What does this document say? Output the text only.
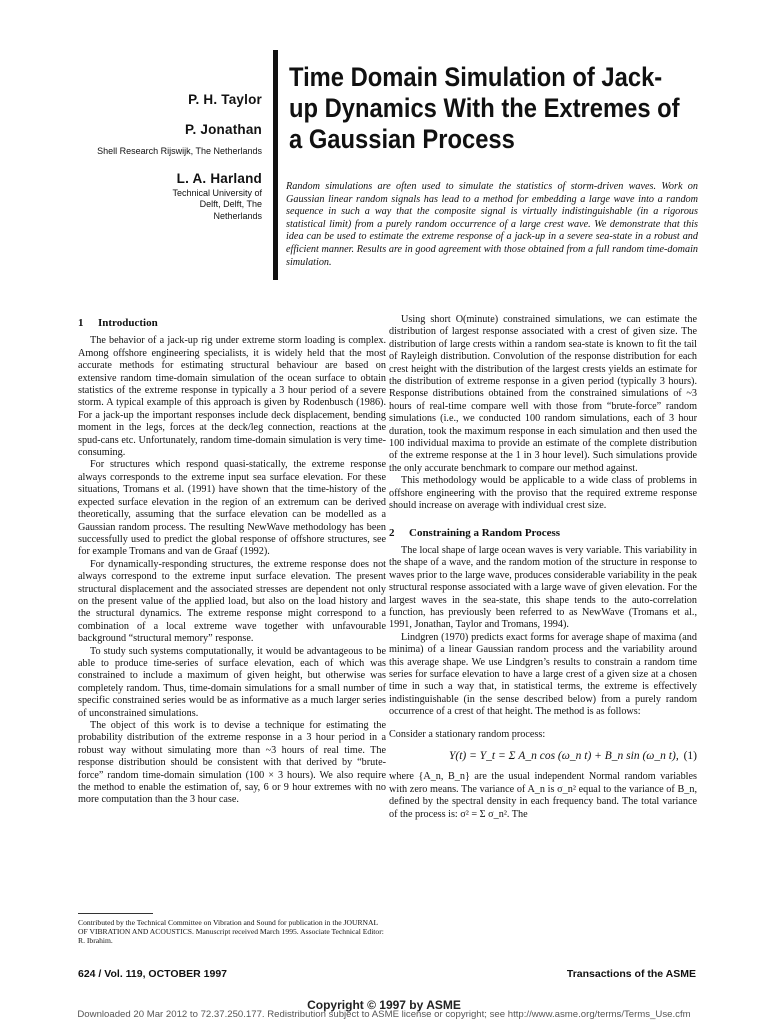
P. H. Taylor
P. Jonathan
Shell Research Rijswijk, The Netherlands
L. A. Harland
Technical University of Delft, Delft, The Netherlands
Time Domain Simulation of Jack-up Dynamics With the Extremes of a Gaussian Process
Random simulations are often used to simulate the statistics of storm-driven waves. Work on Gaussian linear random signals has lead to a method for embedding a large wave into a random sequence in such a way that the composite signal is virtually indistinguishable (in a rigorous statistical limit) from a purely random occurrence of a large crest wave. We demonstrate that this idea can be used to estimate the extreme response of a jack-up in a severe sea-state in a robust and efficient manner. Results are in good agreement with those obtained from a full random time-domain simulation.
1 Introduction

The behavior of a jack-up rig under extreme storm loading is complex. Among offshore engineering specialists, it is widely held that the most accurate methods for estimating structural behaviour are based on extensive random time-domain simulation of the ocean surface to obtain statistics of the extreme response in typically a 3 hour period of a severe storm. A typical example of this approach is given by Rodenbusch (1986). For a jack-up the important responses include deck displacement, bending moment in the legs, forces at the deck/leg connection, reactions at the spud-cans etc. Unfortunately, random time-domain simulation is very time-consuming.

For structures which respond quasi-statically, the extreme response always corresponds to the extreme input sea surface elevation. For these situations, Tromans et al. (1991) have shown that the time-history of the expected surface elevation in the region of an extremum can be derived theoretically, assuming that the surface elevation can be modelled as a Gaussian random process. The resulting NewWave methodology has been successfully used to predict the global response of offshore structures, see for example Tromans and van de Graaf (1992).

For dynamically-responding structures, the extreme response does not always correspond to the extreme input surface elevation. The present structural displacement and the associated stresses are dependent not only on the present value of the applied load, but also on the load history and the structural dynamics. The extreme response might correspond to a combination of a local extreme wave together with unfavourable background “structural memory” response.

To study such systems computationally, it would be advantageous to be able to produce time-series of surface elevation, each of which was constrained to include a maximum of given height, but otherwise was completely random. Thus, time-domain simulations for a small number of specific constrained series would be as informative as a much larger series of unconstrained simulations.

The object of this work is to devise a technique for estimating the probability distribution of the extreme response in a 3 hour period in a robust way without simulating more than ~3 hours of real time. The response distribution should be consistent with that derived by “brute-force” random time-domain simulation (100 × 3 hours). We also require the method to enable the estimation of, say, 6 or 9 hour extremes with no more computation than the 3 hour case.

Using short O(minute) constrained simulations, we can estimate the distribution of largest response associated with a crest of given size. The distribution of large crests within a random sea-state is known to fit the tail of Rayleigh distribution. Convolution of the response distribution for each crest height with the distribution of the largest crests yields an estimate for the distribution of extreme response in a given period (typically 3 hours). Response distributions obtained from the constrained simulations of ~3 hours of real-time compare well with those from “brute-force” random simulations (i.e., we conducted 100 random simulations, each of 3 hour duration, took the maximum response in each simulation and then used the 100 individual maxima to provide an estimate of the complete distribution of the extreme response at the 1 in 3 hour level). Such simulations provide the only accurate benchmark to compare our method against.

This methodology would be applicable to a wide class of problems in offshore engineering with the proviso that the required extreme response should increase on average with individual crest size.

2 Constraining a Random Process

The local shape of large ocean waves is very variable. This variability in the shape of a wave, and the random motion of the structure in response to waves prior to the large wave, produces considerable variability in the peak structural response associated with a large wave of given elevation. For the largest waves in the sea-state, this shape tends to the auto-correlation function, has previously been referred to as NewWave (Tromans et al., 1991, Jonathan, Taylor and Tromans, 1994).

Lindgren (1970) predicts exact forms for average shape of maxima (and minima) of a linear Gaussian random process and the variability around this average shape. We use Lindgren’s results to constrain a random time series for surface elevation to have a large crest of a given size at a chosen time in such a way that, in statistical terms, the extreme is effectively indistinguishable (in the sense described below) from a purely random occurrence of a crest of that height. The method is as follows:

Consider a stationary random process:

Y(t) = Y_t = Σ A_n cos (ω_n t) + B_n sin (ω_n t), (1)

where {A_n, B_n} are the usual independent Normal random variables with zero means. The variance of A_n is σ_n² equal to the variance of B_n, defined by the spectral density in each frequency band. The total variance of the process is: σ² = Σ σ_n². The

Contributed by the Technical Committee on Vibration and Sound for publication in the JOURNAL OF VIBRATION AND ACOUSTICS. Manuscript received March 1995. Associate Technical Editor: R. Ibrahim.
624 / Vol. 119, OCTOBER 1997	Transactions of the ASME
Copyright © 1997 by ASME
Downloaded 20 Mar 2012 to 72.37.250.177. Redistribution subject to ASME license or copyright; see http://www.asme.org/terms/Terms_Use.cfm
